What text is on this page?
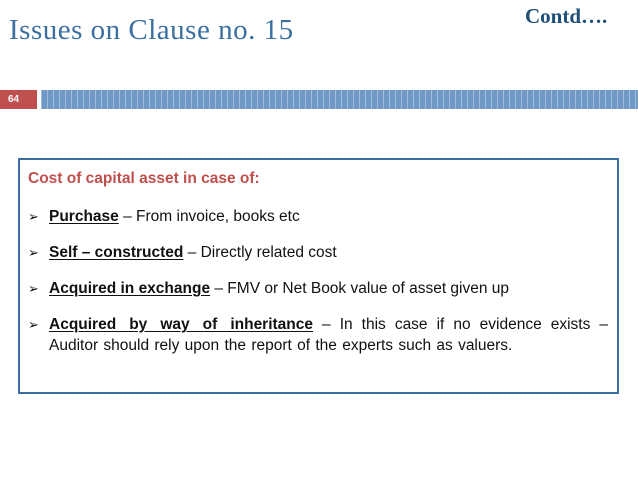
Issues on Clause no. 15	Contd….
64
Cost of capital asset in case of:
➢ Purchase – From invoice, books etc
➢ Self – constructed – Directly related cost
➢ Acquired in exchange – FMV or Net Book value of asset given up
➢ Acquired by way of inheritance – In this case if no evidence exists – Auditor should rely upon the report of the experts such as valuers.
